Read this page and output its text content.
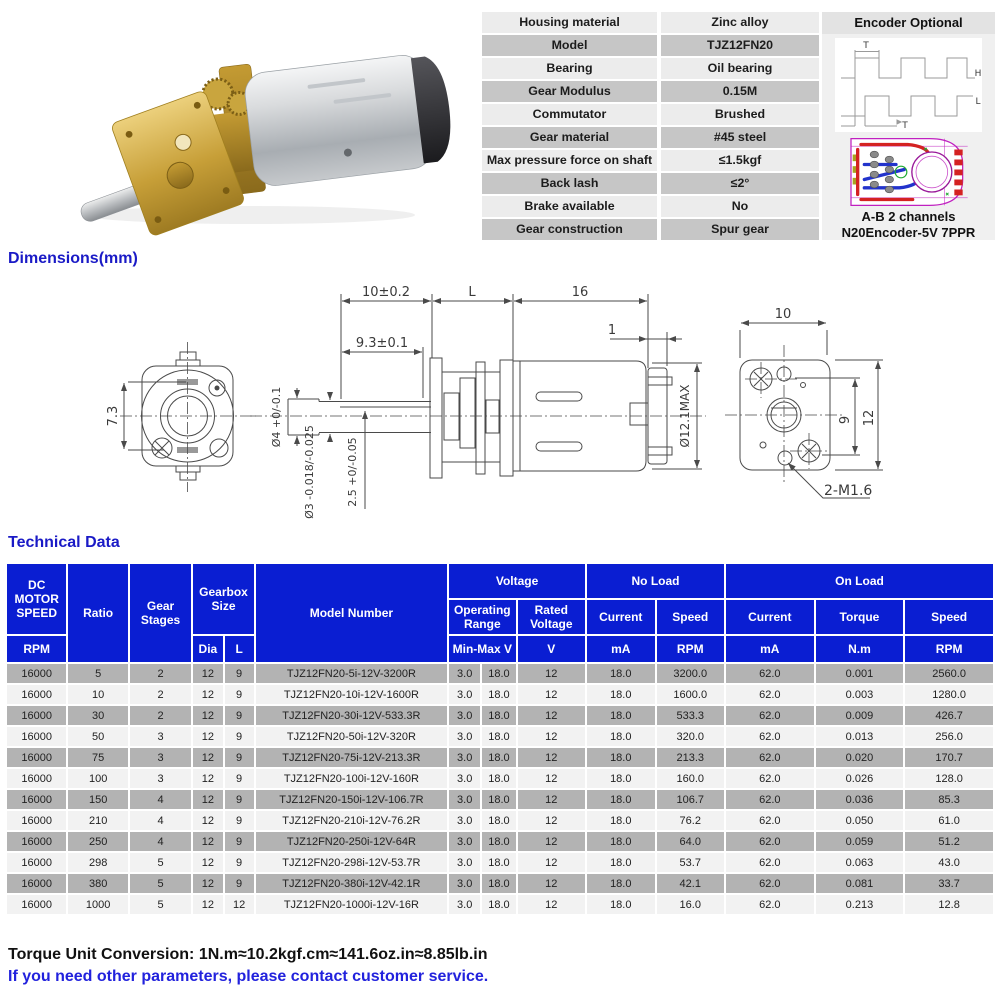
Housing material	Zinc alloy
Model	TJZ12FN20
Bearing	Oil bearing
Gear Modulus	0.15M
Commutator	Brushed
Gear material	#45 steel
Max pressure force on shaft	≤1.5kgf
Back lash	≤2°
Brake available	No
Gear construction	Spur gear
Encoder Optional
T
H
L
T
A-B 2 channels
N20Encoder-5V 7PPR
Dimensions(mm)
7.3
10±0.2	L	16
9.3±0.1
1
Ø4 +0/-0.1
Ø3 -0.018/-0.025	2.5 +0/-0.05
Ø12.1MAX
10
9 12
2-M1.6
Technical Data
DC MOTOR SPEED	Ratio	Gear Stages	Gearbox Size		Model Number	Voltage			No Load		On Load		
						Operating Range		Rated Voltage	Current	Speed	Current	Torque	Speed
RPM			Dia	L		Min-Max V		V	mA	RPM	mA	N.m	RPM
16000	5	2	12	9	TJZ12FN20-5i-12V-3200R	3.0	18.0	12	18.0	3200.0	62.0	0.001	2560.0
16000	10	2	12	9	TJZ12FN20-10i-12V-1600R	3.0	18.0	12	18.0	1600.0	62.0	0.003	1280.0
16000	30	2	12	9	TJZ12FN20-30i-12V-533.3R	3.0	18.0	12	18.0	533.3	62.0	0.009	426.7
16000	50	3	12	9	TJZ12FN20-50i-12V-320R	3.0	18.0	12	18.0	320.0	62.0	0.013	256.0
16000	75	3	12	9	TJZ12FN20-75i-12V-213.3R	3.0	18.0	12	18.0	213.3	62.0	0.020	170.7
16000	100	3	12	9	TJZ12FN20-100i-12V-160R	3.0	18.0	12	18.0	160.0	62.0	0.026	128.0
16000	150	4	12	9	TJZ12FN20-150i-12V-106.7R	3.0	18.0	12	18.0	106.7	62.0	0.036	85.3
16000	210	4	12	9	TJZ12FN20-210i-12V-76.2R	3.0	18.0	12	18.0	76.2	62.0	0.050	61.0
16000	250	4	12	9	TJZ12FN20-250i-12V-64R	3.0	18.0	12	18.0	64.0	62.0	0.059	51.2
16000	298	5	12	9	TJZ12FN20-298i-12V-53.7R	3.0	18.0	12	18.0	53.7	62.0	0.063	43.0
16000	380	5	12	9	TJZ12FN20-380i-12V-42.1R	3.0	18.0	12	18.0	42.1	62.0	0.081	33.7
16000	1000	5	12	12	TJZ12FN20-1000i-12V-16R	3.0	18.0	12	18.0	16.0	62.0	0.213	12.8

Torque Unit Conversion: 1N.m≈10.2kgf.cm≈141.6oz.in≈8.85lb.in

If you need other parameters, please contact customer service.
